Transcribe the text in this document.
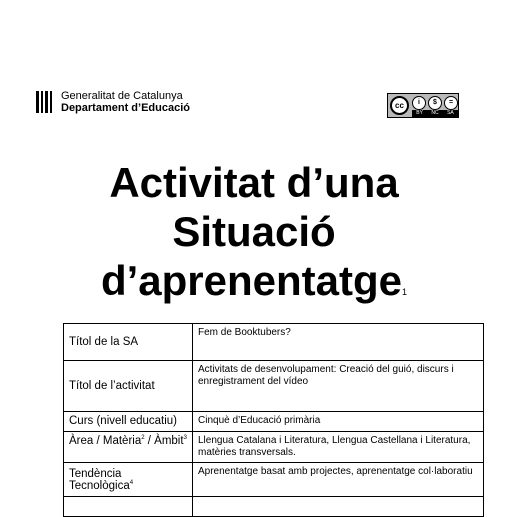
Generalitat de Catalunya
Departament d’Educació	cc	i	$	=
BY NC SA
Activitat d’una
Situació
d’aprenentatge1
Títol de la SA	Fem de Booktubers?
Títol de l’activitat	Activitats de desenvolupament: Creació del guió, discurs i enregistrament del vídeo
Curs (nivell educatiu)	Cinquè d’Educació primària
Àrea / Matèria$^2$ / Àmbit$^3$	Llengua Catalana i Literatura, Llengua Castellana i Literatura, matèries transversals.
Tendència Tecnològica$^4$	Aprenentatge basat amb projectes, aprenentatge col·laboratiu
